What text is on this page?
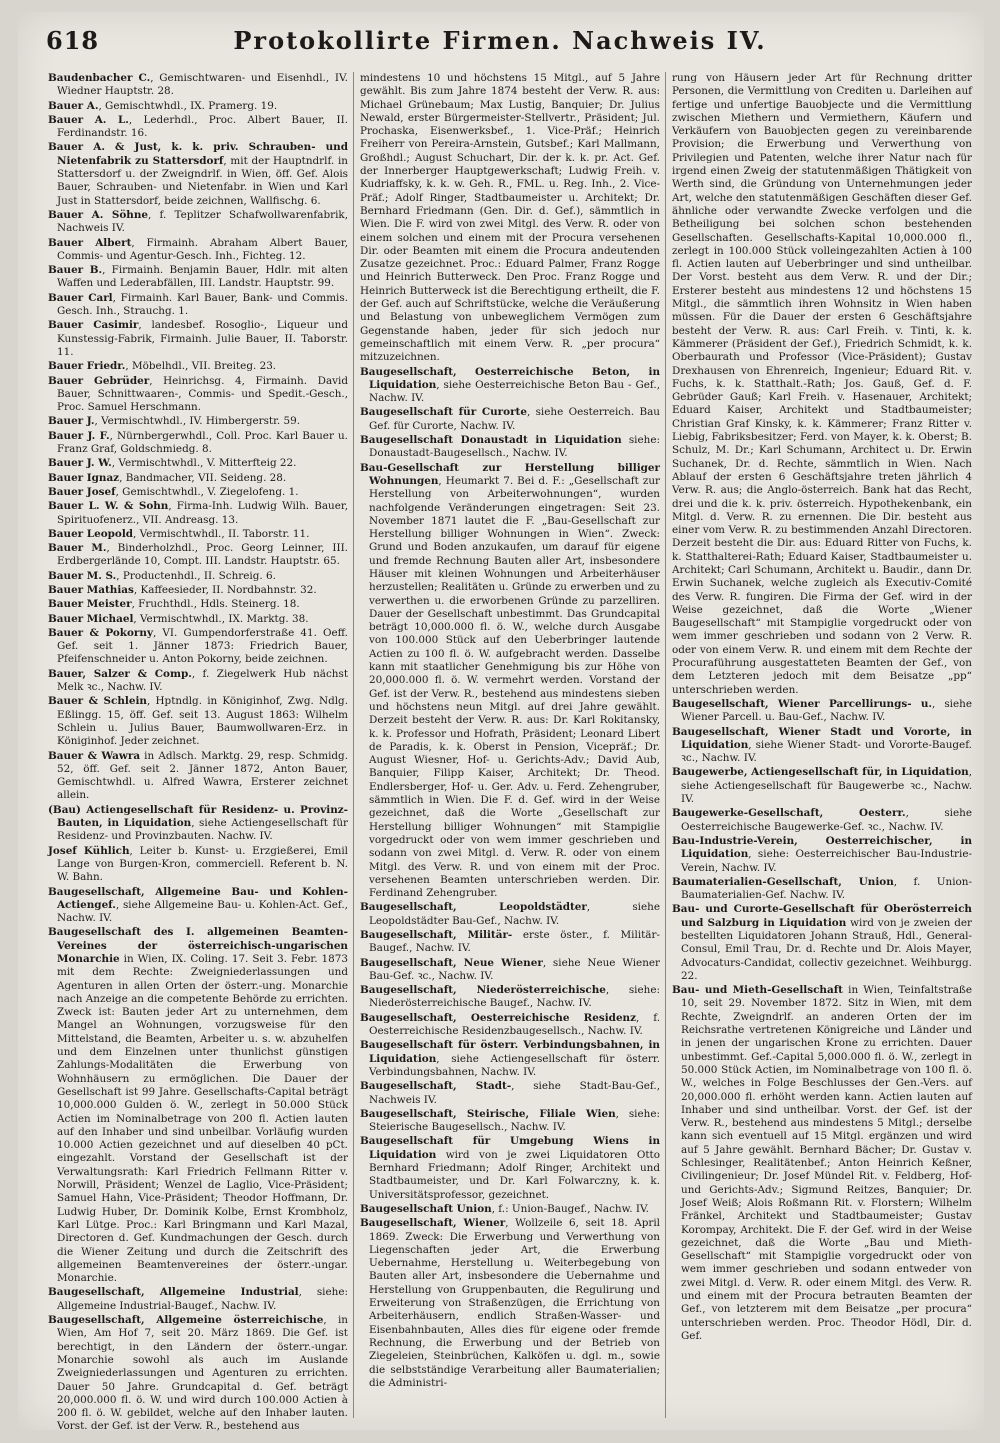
618	Protokollirte Firmen. Nachweis IV.

Baudenbacher C., Gemischtwaren- und Eisenhdl., IV. Wiedner Hauptstr. 28.

Bauer A., Gemischtwhdl., IX. Pramerg. 19.

Bauer A. L., Lederhdl., Proc. Albert Bauer, II. Ferdinandstr. 16.

Bauer A. & Just, k. k. priv. Schrauben- und Nietenfabrik zu Stattersdorf, mit der Hauptndrlf. in Stattersdorf u. der Zweigndrlf. in Wien, öff. Gef. Alois Bauer, Schrauben- und Nietenfabr. in Wien und Karl Just in Stattersdorf, beide zeichnen, Wallfischg. 6.

Bauer A. Söhne, f. Teplitzer Schafwollwarenfabrik, Nachweis IV.

Bauer Albert, Firmainh. Abraham Albert Bauer, Commis- und Agentur-Gesch. Inh., Fichteg. 12.

Bauer B., Firmainh. Benjamin Bauer, Hdlr. mit alten Waffen und Lederabfällen, III. Landstr. Hauptstr. 99.

Bauer Carl, Firmainh. Karl Bauer, Bank- und Commis. Gesch. Inh., Strauchg. 1.

Bauer Casimir, landesbef. Rosoglio-, Liqueur und Kunstessig-Fabrik, Firmainh. Julie Bauer, II. Taborstr. 11.

Bauer Friedr., Möbelhdl., VII. Breiteg. 23.

Bauer Gebrüder, Heinrichsg. 4, Firmainh. David Bauer, Schnittwaaren-, Commis- und Spedit.-Gesch., Proc. Samuel Herschmann.

Bauer J., Vermischtwhdl., IV. Himbergerstr. 59.

Bauer J. F., Nürnbergerwhdl., Coll. Proc. Karl Bauer u. Franz Graf, Goldschmiedg. 8.

Bauer J. W., Vermischtwhdl., V. Mitterfteig 22.

Bauer Ignaz, Bandmacher, VII. Seideng. 28.

Bauer Josef, Gemischtwhdl., V. Ziegelofeng. 1.

Bauer L. W. & Sohn, Firma-Inh. Ludwig Wilh. Bauer, Spirituofenerz., VII. Andreasg. 13.

Bauer Leopold, Vermischtwhdl., II. Taborstr. 11.

Bauer M., Binderholzhdl., Proc. Georg Leinner, III. Erdbergerlände 10, Compt. III. Landstr. Hauptstr. 65.

Bauer M. S., Productenhdl., II. Schreig. 6.

Bauer Mathias, Kaffeesieder, II. Nordbahnstr. 32.

Bauer Meister, Fruchthdl., Hdls. Steinerg. 18.

Bauer Michael, Vermischtwhdl., IX. Marktg. 38.

Bauer & Pokorny, VI. Gumpendorferstraße 41. Oeff. Gef. seit 1. Jänner 1873: Friedrich Bauer, Pfeifenschneider u. Anton Pokorny, beide zeichnen.

Bauer, Salzer & Comp., f. Ziegelwerk Hub nächst Melk ꝛc., Nachw. IV.

Bauer & Schlein, Hptndlg. in Königinhof, Zwg. Ndlg. Eßlingg. 15, öff. Gef. seit 13. August 1863: Wilhelm Schlein u. Julius Bauer, Baumwollwaren-Erz. in Königinhof. Jeder zeichnet.

Bauer & Wawra in Adlsch. Marktg. 29, resp. Schmidg. 52, öff. Gef. seit 2. Jänner 1872, Anton Bauer, Gemischtwhdl. u. Alfred Wawra, Ersterer zeichnet allein.

(Bau) Actiengesellschaft für Residenz- u. Provinz-Bauten, in Liquidation, siehe Actiengesellschaft für Residenz- und Provinzbauten. Nachw. IV.

Josef Kühlich, Leiter b. Kunst- u. Erzgießerei, Emil Lange von Burgen-Kron, commerciell. Referent b. N. W. Bahn.

Baugesellschaft, Allgemeine Bau- und Kohlen-Actiengef., siehe Allgemeine Bau- u. Kohlen-Act. Gef., Nachw. IV.

Baugesellschaft des I. allgemeinen Beamten-Vereines der österreichisch-ungarischen Monarchie in Wien, IX. Coling. 17. Seit 3. Febr. 1873 mit dem Rechte: Zweigniederlassungen und Agenturen in allen Orten der österr.-ung. Monarchie nach Anzeige an die competente Behörde zu errichten. Zweck ist: Bauten jeder Art zu unternehmen, dem Mangel an Wohnungen, vorzugsweise für den Mittelstand, die Beamten, Arbeiter u. s. w. abzuhelfen und dem Einzelnen unter thunlichst günstigen Zahlungs-Modalitäten die Erwerbung von Wohnhäusern zu ermöglichen. Die Dauer der Gesellschaft ist 99 Jahre. Gesellschafts-Capital beträgt 10,000.000 Gulden ö. W., zerlegt in 50.000 Stück Actien im Nominalbetrage von 200 fl. Actien lauten auf den Inhaber und sind unbeilbar. Vorläufig wurden 10.000 Actien gezeichnet und auf dieselben 40 pCt. eingezahlt. Vorstand der Gesellschaft ist der Verwaltungsrath: Karl Friedrich Fellmann Ritter v. Norwill, Präsident; Wenzel de Laglio, Vice-Präsident; Samuel Hahn, Vice-Präsident; Theodor Hoffmann, Dr. Ludwig Huber, Dr. Dominik Kolbe, Ernst Krombholz, Karl Lütge. Proc.: Karl Bringmann und Karl Mazal, Directoren d. Gef. Kundmachungen der Gesch. durch die Wiener Zeitung und durch die Zeitschrift des allgemeinen Beamtenvereines der österr.-ungar. Monarchie.

Baugesellschaft, Allgemeine Industrial, siehe: Allgemeine Industrial-Baugef., Nachw. IV.

Baugesellschaft, Allgemeine österreichische, in Wien, Am Hof 7, seit 20. März 1869. Die Gef. ist berechtigt, in den Ländern der österr.-ungar. Monarchie sowohl als auch im Auslande Zweigniederlassungen und Agenturen zu errichten. Dauer 50 Jahre. Grundcapital d. Gef. beträgt 20,000.000 fl. ö. W. und wird durch 100.000 Actien à 200 fl. ö. W. gebildet, welche auf den Inhaber lauten. Vorst. der Gef. ist der Verw. R., bestehend aus

mindestens 10 und höchstens 15 Mitgl., auf 5 Jahre gewählt. Bis zum Jahre 1874 besteht der Verw. R. aus: Michael Grünebaum; Max Lustig, Banquier; Dr. Julius Newald, erster Bürgermeister-Stellvertr., Präsident; Jul. Prochaska, Eisenwerksbef., 1. Vice-Präf.; Heinrich Freiherr von Pereira-Arnstein, Gutsbef.; Karl Mallmann, Großhdl.; August Schuchart, Dir. der k. k. pr. Act. Gef. der Innerberger Hauptgewerkschaft; Ludwig Freih. v. Kudriaffsky, k. k. w. Geh. R., FML. u. Reg. Inh., 2. Vice-Präf.; Adolf Ringer, Stadtbaumeister u. Architekt; Dr. Bernhard Friedmann (Gen. Dir. d. Gef.), sämmtlich in Wien. Die F. wird von zwei Mitgl. des Verw. R. oder von einem solchen und einem mit der Procura versehenen Dir. oder Beamten mit einem die Procura andeutenden Zusatze gezeichnet. Proc.: Eduard Palmer, Franz Rogge und Heinrich Butterweck. Den Proc. Franz Rogge und Heinrich Butterweck ist die Berechtigung ertheilt, die F. der Gef. auch auf Schriftstücke, welche die Veräußerung und Belastung von unbeweglichem Vermögen zum Gegenstande haben, jeder für sich jedoch nur gemeinschaftlich mit einem Verw. R. „per procura“ mitzuzeichnen.

Baugesellschaft, Oesterreichische Beton, in Liquidation, siehe Oesterreichische Beton Bau - Gef., Nachw. IV.

Baugesellschaft für Curorte, siehe Oesterreich. Bau Gef. für Curorte, Nachw. IV.

Baugesellschaft Donaustadt in Liquidation siehe: Donaustadt-Baugesellsch., Nachw. IV.

Bau-Gesellschaft zur Herstellung billiger Wohnungen, Heumarkt 7. Bei d. F.: „Gesellschaft zur Herstellung von Arbeiterwohnungen“, wurden nachfolgende Veränderungen eingetragen: Seit 23. November 1871 lautet die F. „Bau-Gesellschaft zur Herstellung billiger Wohnungen in Wien“. Zweck: Grund und Boden anzukaufen, um darauf für eigene und fremde Rechnung Bauten aller Art, insbesondere Häuser mit kleinen Wohnungen und Arbeiterhäuser herzustellen; Realitäten u. Gründe zu erwerben und zu verwerthen u. die erworbenen Gründe zu parzelliren. Dauer der Gesellschaft unbestimmt. Das Grundcapital beträgt 10,000.000 fl. ö. W., welche durch Ausgabe von 100.000 Stück auf den Ueberbringer lautende Actien zu 100 fl. ö. W. aufgebracht werden. Dasselbe kann mit staatlicher Genehmigung bis zur Höhe von 20,000.000 fl. ö. W. vermehrt werden. Vorstand der Gef. ist der Verw. R., bestehend aus mindestens sieben und höchstens neun Mitgl. auf drei Jahre gewählt. Derzeit besteht der Verw. R. aus: Dr. Karl Rokitansky, k. k. Professor und Hofrath, Präsident; Leonard Libert de Paradis, k. k. Oberst in Pension, Vicepräf.; Dr. August Wiesner, Hof- u. Gerichts-Adv.; David Aub, Banquier, Filipp Kaiser, Architekt; Dr. Theod. Endlersberger, Hof- u. Ger. Adv. u. Ferd. Zehengruber, sämmtlich in Wien. Die F. d. Gef. wird in der Weise gezeichnet, daß die Worte „Gesellschaft zur Herstellung billiger Wohnungen“ mit Stampiglie vorgedruckt oder von wem immer geschrieben und sodann von zwei Mitgl. d. Verw. R. oder von einem Mitgl. des Verw. R. und von einem mit der Proc. versehenen Beamten unterschrieben werden. Dir. Ferdinand Zehengruber.

Baugesellschaft, Leopoldstädter, siehe Leopoldstädter Bau-Gef., Nachw. IV.

Baugesellschaft, Militär- erste öster., f. Militär-Baugef., Nachw. IV.

Baugesellschaft, Neue Wiener, siehe Neue Wiener Bau-Gef. ꝛc., Nachw. IV.

Baugesellschaft, Niederösterreichische, siehe: Niederösterreichische Baugef., Nachw. IV.

Baugesellschaft, Oesterreichische Residenz, f. Oesterreichische Residenzbaugesellsch., Nachw. IV.

Baugesellschaft für österr. Verbindungsbahnen, in Liquidation, siehe Actiengesellschaft für österr. Verbindungsbahnen, Nachw. IV.

Baugesellschaft, Stadt-, siehe Stadt-Bau-Gef., Nachweis IV.

Baugesellschaft, Steirische, Filiale Wien, siehe: Steierische Baugesellsch., Nachw. IV.

Baugesellschaft für Umgebung Wiens in Liquidation wird von je zwei Liquidatoren Otto Bernhard Friedmann; Adolf Ringer, Architekt und Stadtbaumeister, und Dr. Karl Folwarczny, k. k. Universitätsprofessor, gezeichnet.

Baugesellschaft Union, f.: Union-Baugef., Nachw. IV.

Baugesellschaft, Wiener, Wollzeile 6, seit 18. April 1869. Zweck: Die Erwerbung und Verwerthung von Liegenschaften jeder Art, die Erwerbung Uebernahme, Herstellung u. Weiterbegebung von Bauten aller Art, insbesondere die Uebernahme und Herstellung von Gruppenbauten, die Regulirung und Erweiterung von Straßenzügen, die Errichtung von Arbeiterhäusern, endlich Straßen-Wasser- und Eisenbahnbauten, Alles dies für eigene oder fremde Rechnung, die Erwerbung und der Betrieb von Ziegeleien, Steinbrüchen, Kalköfen u. dgl. m., sowie die selbstständige Verarbeitung aller Baumaterialien; die Administri-

rung von Häusern jeder Art für Rechnung dritter Personen, die Vermittlung von Crediten u. Darleihen auf fertige und unfertige Bauobjecte und die Vermittlung zwischen Miethern und Vermiethern, Käufern und Verkäufern von Bauobjecten gegen zu vereinbarende Provision; die Erwerbung und Verwerthung von Privilegien und Patenten, welche ihrer Natur nach für irgend einen Zweig der statutenmäßigen Thätigkeit von Werth sind, die Gründung von Unternehmungen jeder Art, welche den statutenmäßigen Geschäften dieser Gef. ähnliche oder verwandte Zwecke verfolgen und die Betheiligung bei solchen schon bestehenden Gesellschaften. Gesellschafts-Kapital 10,000.000 fl., zerlegt in 100.000 Stück volleingezahlten Actien à 100 fl. Actien lauten auf Ueberbringer und sind untheilbar. Der Vorst. besteht aus dem Verw. R. und der Dir.; Ersterer besteht aus mindestens 12 und höchstens 15 Mitgl., die sämmtlich ihren Wohnsitz in Wien haben müssen. Für die Dauer der ersten 6 Geschäftsjahre besteht der Verw. R. aus: Carl Freih. v. Tinti, k. k. Kämmerer (Präsident der Gef.), Friedrich Schmidt, k. k. Oberbaurath und Professor (Vice-Präsident); Gustav Drexhausen von Ehrenreich, Ingenieur; Eduard Rit. v. Fuchs, k. k. Statthalt.-Rath; Jos. Gauß, Gef. d. F. Gebrüder Gauß; Karl Freih. v. Hasenauer, Architekt; Eduard Kaiser, Architekt und Stadtbaumeister; Christian Graf Kinsky, k. k. Kämmerer; Franz Ritter v. Liebig, Fabriksbesitzer; Ferd. von Mayer, k. k. Oberst; B. Schulz, M. Dr.; Karl Schumann, Architect u. Dr. Erwin Suchanek, Dr. d. Rechte, sämmtlich in Wien. Nach Ablauf der ersten 6 Geschäftsjahre treten jährlich 4 Verw. R. aus; die Anglo-österreich. Bank hat das Recht, drei und die k. k. priv. österreich. Hypothekenbank, ein Mitgl. d. Verw. R. zu ernennen. Die Dir. besteht aus einer vom Verw. R. zu bestimmenden Anzahl Directoren. Derzeit besteht die Dir. aus: Eduard Ritter von Fuchs, k. k. Statthalterei-Rath; Eduard Kaiser, Stadtbaumeister u. Architekt; Carl Schumann, Architekt u. Baudir., dann Dr. Erwin Suchanek, welche zugleich als Executiv-Comité des Verw. R. fungiren. Die Firma der Gef. wird in der Weise gezeichnet, daß die Worte „Wiener Baugesellschaft“ mit Stampiglie vorgedruckt oder von wem immer geschrieben und sodann von 2 Verw. R. oder von einem Verw. R. und einem mit dem Rechte der Procuraführung ausgestatteten Beamten der Gef., von dem Letzteren jedoch mit dem Beisatze „pp“ unterschrieben werden.

Baugesellschaft, Wiener Parcellirungs- u., siehe Wiener Parcell. u. Bau-Gef., Nachw. IV.

Baugesellschaft, Wiener Stadt und Vororte, in Liquidation, siehe Wiener Stadt- und Vororte-Baugef. ꝛc., Nachw. IV.

Baugewerbe, Actiengesellschaft für, in Liquidation, siehe Actiengesellschaft für Baugewerbe ꝛc., Nachw. IV.

Baugewerke-Gesellschaft, Oesterr., siehe Oesterreichische Baugewerke-Gef. ꝛc., Nachw. IV.

Bau-Industrie-Verein, Oesterreichischer, in Liquidation, siehe: Oesterreichischer Bau-Industrie-Verein, Nachw. IV.

Baumaterialien-Gesellschaft, Union, f. Union-Baumaterialien-Gef. Nachw. IV.

Bau- und Curorte-Gesellschaft für Oberösterreich und Salzburg in Liquidation wird von je zweien der bestellten Liquidatoren Johann Strauß, Hdl., General-Consul, Emil Trau, Dr. d. Rechte und Dr. Alois Mayer, Advocaturs-Candidat, collectiv gezeichnet. Weihburgg. 22.

Bau- und Mieth-Gesellschaft in Wien, Teinfaltstraße 10, seit 29. November 1872. Sitz in Wien, mit dem Rechte, Zweigndrlf. an anderen Orten der im Reichsrathe vertretenen Königreiche und Länder und in jenen der ungarischen Krone zu errichten. Dauer unbestimmt. Gef.-Capital 5,000.000 fl. ö. W., zerlegt in 50.000 Stück Actien, im Nominalbetrage von 100 fl. ö. W., welches in Folge Beschlusses der Gen.-Vers. auf 20,000.000 fl. erhöht werden kann. Actien lauten auf Inhaber und sind untheilbar. Vorst. der Gef. ist der Verw. R., bestehend aus mindestens 5 Mitgl.; derselbe kann sich eventuell auf 15 Mitgl. ergänzen und wird auf 5 Jahre gewählt. Bernhard Bächer; Dr. Gustav v. Schlesinger, Realitätenbef.; Anton Heinrich Keßner, Civilingenieur; Dr. Josef Mündel Rit. v. Feldberg, Hof- und Gerichts-Adv.; Sigmund Reitzes, Banquier; Dr. Josef Weiß; Alois Roßmann Rit. v. Florstern; Wilhelm Fränkel, Architekt und Stadtbaumeister; Gustav Korompay, Architekt. Die F. der Gef. wird in der Weise gezeichnet, daß die Worte „Bau und Mieth-Gesellschaft“ mit Stampiglie vorgedruckt oder von wem immer geschrieben und sodann entweder von zwei Mitgl. d. Verw. R. oder einem Mitgl. des Verw. R. und einem mit der Procura betrauten Beamten der Gef., von letzterem mit dem Beisatze „per procura“ unterschrieben werden. Proc. Theodor Hödl, Dir. d. Gef.
